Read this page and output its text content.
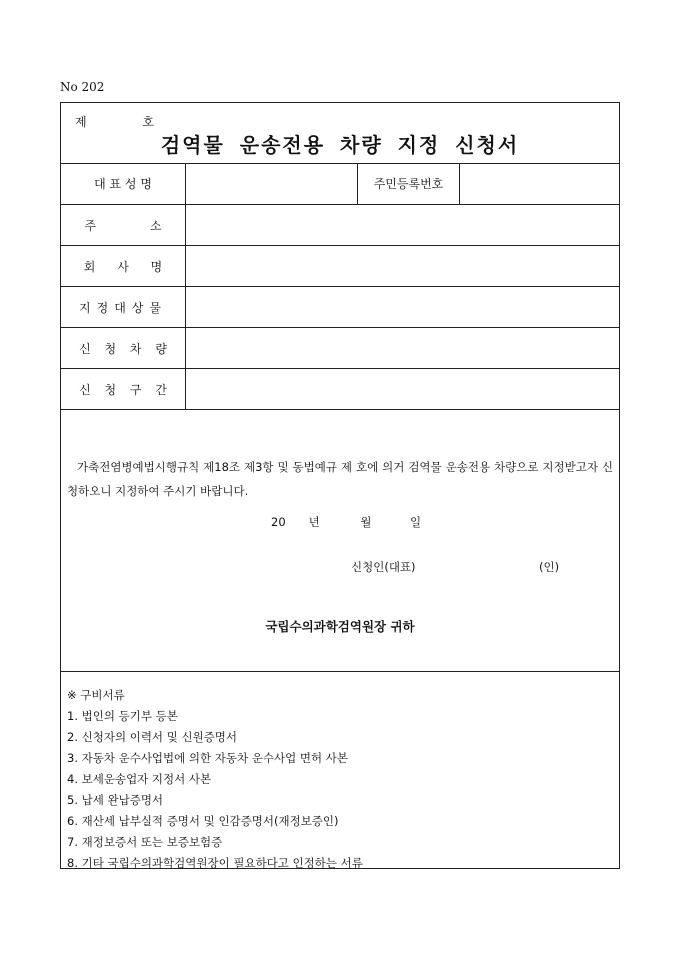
No 202
제 호
검역물 운송전용 차량 지정 신청서
대 표 성 명	주민등록번호
주 소
회 사 명
지정대상물
신 청 차 량
신 청 구 간
가축전염병예법시행규칙 제18조 제3항 및 동법예규 제 호에 의거 검역물 운송전용 차량으로 지정받고자 신청하오니 지정하여 주시기 바랍니다.
20 년	월	일
신청인(대표)	(인)
국립수의과학검역원장 귀하
※ 구비서류
1. 법인의 등기부 등본
2. 신청자의 이력서 및 신원증명서
3. 자동차 운수사업법에 의한 자동차 운수사업 면허 사본
4. 보세운송업자 지정서 사본
5. 납세 완납증명서
6. 재산세 납부실적 증명서 및 인감증명서(재정보증인)
7. 재정보증서 또는 보증보험증
8. 기타 국립수의과학검역원장이 필요하다고 인정하는 서류
